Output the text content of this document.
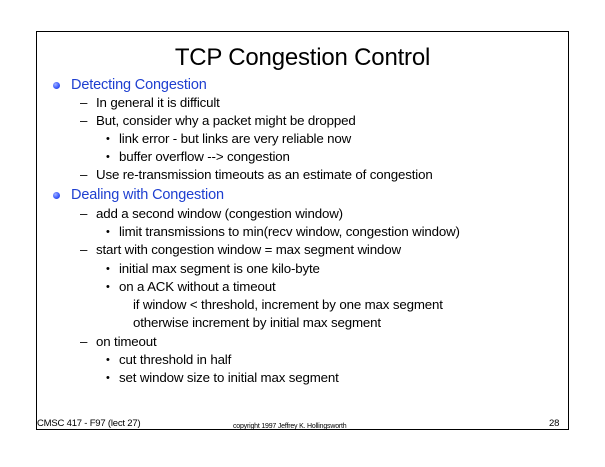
TCP Congestion Control
Detecting Congestion
– In general it is difficult
– But, consider why a packet might be dropped
• link error - but links are very reliable now
• buffer overflow --> congestion
– Use re-transmission timeouts as an estimate of congestion
Dealing with Congestion
– add a second window (congestion window)
• limit transmissions to min(recv window, congestion window)
– start with congestion window = max segment window
• initial max segment is one kilo-byte
• on a ACK without a timeout
if window < threshold, increment by one max segment
otherwise increment by initial max segment
– on timeout
• cut threshold in half
• set window size to initial max segment
CMSC 417 - F97 (lect 27)	copyright 1997 Jeffrey K. Hollingsworth	28
